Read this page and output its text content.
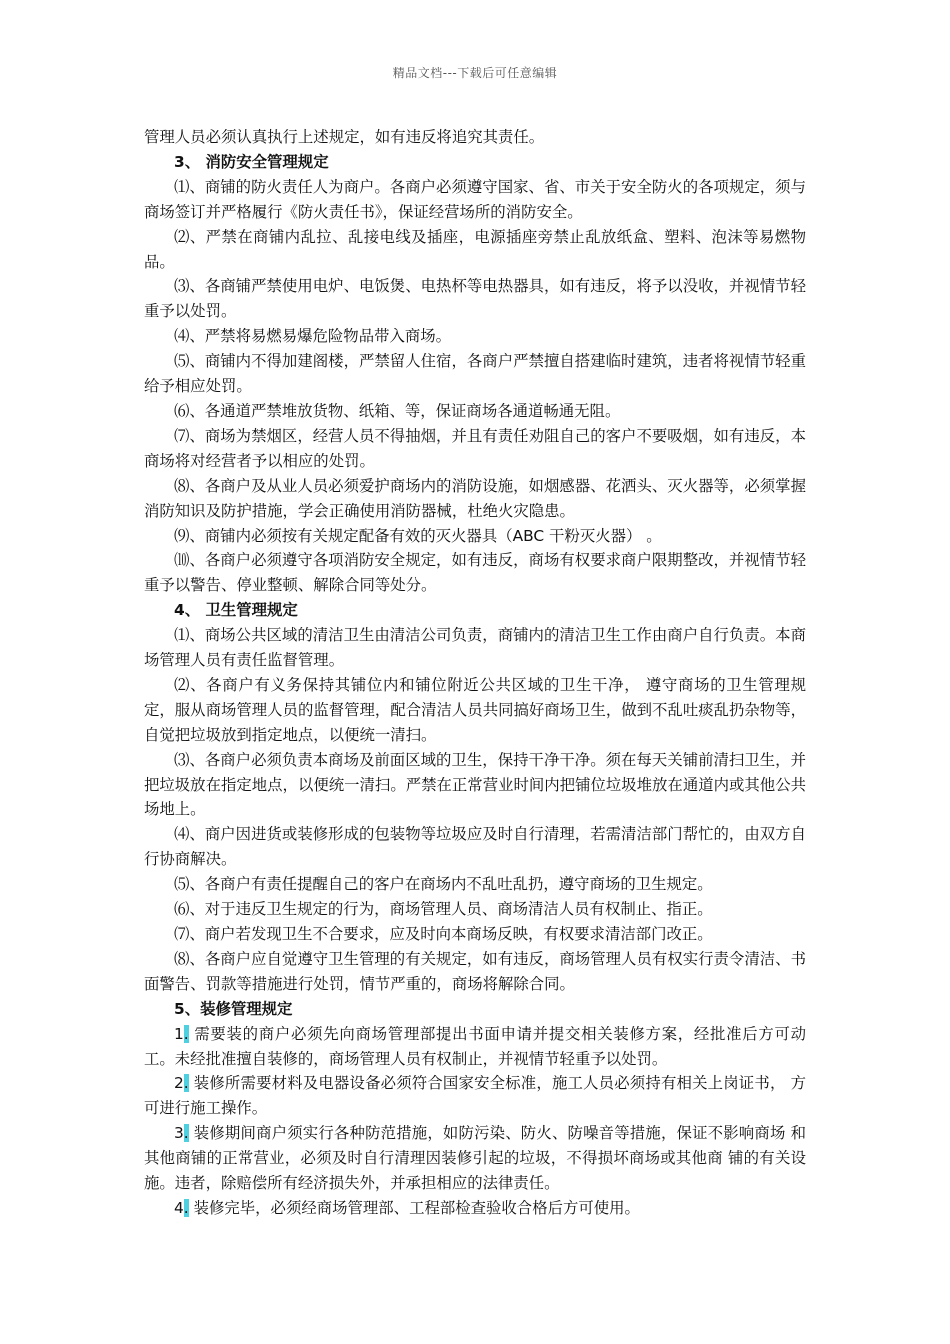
精品文档---下载后可任意编辑

管理人员必须认真执行上述规定，如有违反将追究其责任。

3、 消防安全管理规定

⑴、商铺的防火责任人为商户。各商户必须遵守国家、省、市关于安全防火的各项规定，须与商场签订并严格履行《防火责任书》，保证经营场所的消防安全。

⑵、严禁在商铺内乱拉、乱接电线及插座，电源插座旁禁止乱放纸盒、塑料、泡沫等易燃物品。

⑶、各商铺严禁使用电炉、电饭煲、电热杯等电热器具，如有违反，将予以没收，并视情节轻重予以处罚。

⑷、严禁将易燃易爆危险物品带入商场。

⑸、商铺内不得加建阁楼，严禁留人住宿，各商户严禁擅自搭建临时建筑，违者将视情节轻重给予相应处罚。

⑹、各通道严禁堆放货物、纸箱、等，保证商场各通道畅通无阻。

⑺、商场为禁烟区，经营人员不得抽烟，并且有责任劝阻自己的客户不要吸烟，如有违反，本商场将对经营者予以相应的处罚。

⑻、各商户及从业人员必须爱护商场内的消防设施，如烟感器、花洒头、灭火器等，必须掌握消防知识及防护措施，学会正确使用消防器械，杜绝火灾隐患。

⑼、商铺内必须按有关规定配备有效的灭火器具（ABC 干粉灭火器） 。

⑽、各商户必须遵守各项消防安全规定，如有违反，商场有权要求商户限期整改，并视情节轻重予以警告、停业整顿、解除合同等处分。

4、 卫生管理规定

⑴、商场公共区域的清洁卫生由清洁公司负责，商铺内的清洁卫生工作由商户自行负责。本商场管理人员有责任监督管理。

⑵、各商户有义务保持其铺位内和铺位附近公共区域的卫生干净， 遵守商场的卫生管理规定，服从商场管理人员的监督管理，配合清洁人员共同搞好商场卫生，做到不乱吐痰乱扔杂物等，自觉把垃圾放到指定地点，以便统一清扫。

⑶、各商户必须负责本商场及前面区域的卫生，保持干净干净。须在每天关铺前清扫卫生，并把垃圾放在指定地点，以便统一清扫。严禁在正常营业时间内把铺位垃圾堆放在通道内或其他公共场地上。

⑷、商户因进货或装修形成的包装物等垃圾应及时自行清理，若需清洁部门帮忙的，由双方自行协商解决。

⑸、各商户有责任提醒自己的客户在商场内不乱吐乱扔，遵守商场的卫生规定。

⑹、对于违反卫生规定的行为，商场管理人员、商场清洁人员有权制止、指正。

⑺、商户若发现卫生不合要求，应及时向本商场反映，有权要求清洁部门改正。

⑻、各商户应自觉遵守卫生管理的有关规定，如有违反，商场管理人员有权实行责令清洁、书面警告、罚款等措施进行处罚，情节严重的，商场将解除合同。

5、装修管理规定

1. 需要装的商户必须先向商场管理部提出书面申请并提交相关装修方案，经批准后方可动 工。未经批准擅自装修的，商场管理人员有权制止，并视情节轻重予以处罚。

2. 装修所需要材料及电器设备必须符合国家安全标准，施工人员必须持有相关上岗证书， 方可进行施工操作。

3. 装修期间商户须实行各种防范措施，如防污染、防火、防噪音等措施，保证不影响商场 和其他商铺的正常营业，必须及时自行清理因装修引起的垃圾，不得损坏商场或其他商 铺的有关设施。违者，除赔偿所有经济损失外，并承担相应的法律责任。

4. 装修完毕，必须经商场管理部、工程部检查验收合格后方可使用。
